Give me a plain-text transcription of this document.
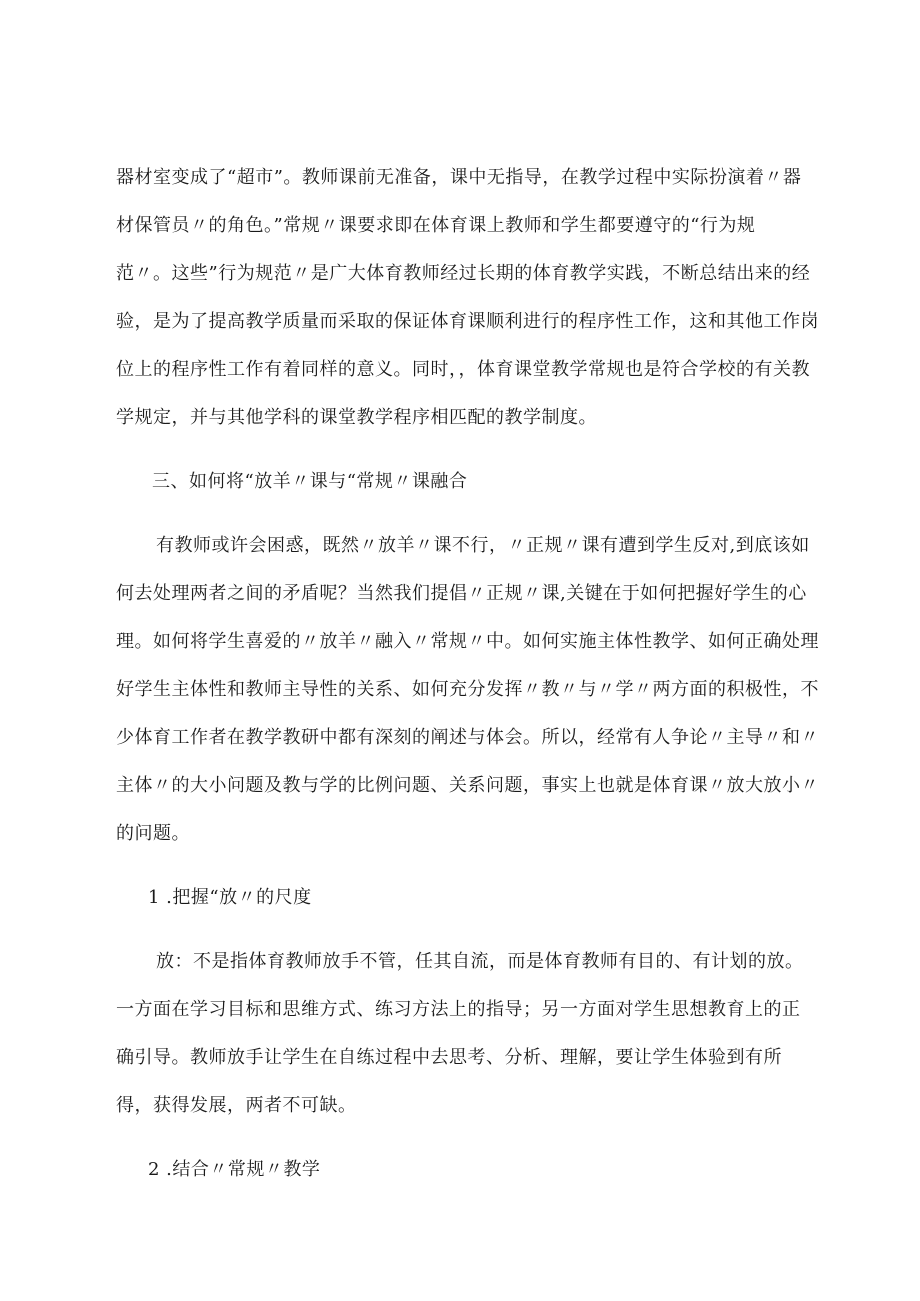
器材室变成了“超市”。教师课前无准备，课中无指导，在教学过程中实际扮演着〃器
材保管员〃的角色。”常规〃课要求即在体育课上教师和学生都要遵守的“行为规
范〃。这些”行为规范〃是广大体育教师经过长期的体育教学实践，不断总结出来的经
验，是为了提高教学质量而采取的保证体育课顺利进行的程序性工作，这和其他工作岗
位上的程序性工作有着同样的意义。同时，，体育课堂教学常规也是符合学校的有关教
学规定，并与其他学科的课堂教学程序相匹配的教学制度。
三、如何将“放羊〃课与“常规〃课融合
有教师或许会困惑，既然〃放羊〃课不行，〃正规〃课有遭到学生反对,到底该如
何去处理两者之间的矛盾呢？当然我们提倡〃正规〃课,关键在于如何把握好学生的心
理。如何将学生喜爱的〃放羊〃融入〃常规〃中。如何实施主体性教学、如何正确处理
好学生主体性和教师主导性的关系、如何充分发挥〃教〃与〃学〃两方面的积极性，不
少体育工作者在教学教研中都有深刻的阐述与体会。所以，经常有人争论〃主导〃和〃
主体〃的大小问题及教与学的比例问题、关系问题，事实上也就是体育课〃放大放小〃
的问题。
1 .把握“放〃的尺度
放：不是指体育教师放手不管，任其自流，而是体育教师有目的、有计划的放。
一方面在学习目标和思维方式、练习方法上的指导；另一方面对学生思想教育上的正
确引导。教师放手让学生在自练过程中去思考、分析、理解，要让学生体验到有所
得，获得发展，两者不可缺。
2 .结合〃常规〃教学
